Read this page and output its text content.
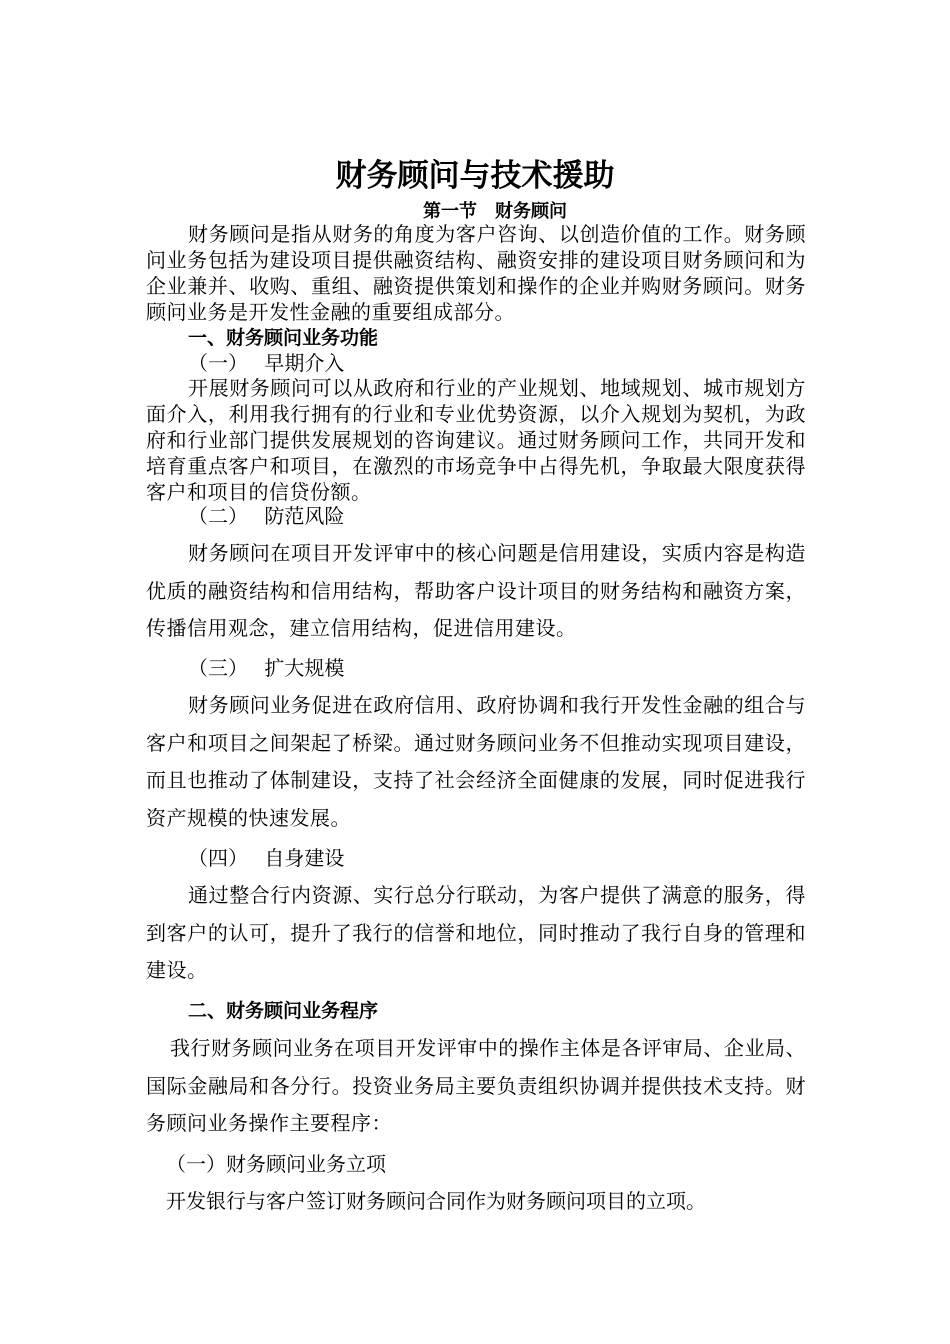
财务顾问与技术援助
第一节　财务顾问

财务顾问是指从财务的角度为客户咨询、以创造价值的工作。财务顾问业务包括为建设项目提供融资结构、融资安排的建设项目财务顾问和为企业兼并、收购、重组、融资提供策划和操作的企业并购财务顾问。财务顾问业务是开发性金融的重要组成部分。

一、财务顾问业务功能

（一）　 早期介入

开展财务顾问可以从政府和行业的产业规划、地域规划、城市规划方面介入，利用我行拥有的行业和专业优势资源，以介入规划为契机，为政府和行业部门提供发展规划的咨询建议。通过财务顾问工作，共同开发和培育重点客户和项目，在激烈的市场竞争中占得先机，争取最大限度获得客户和项目的信贷份额。

（二）　 防范风险

财务顾问在项目开发评审中的核心问题是信用建设，实质内容是构造优质的融资结构和信用结构，帮助客户设计项目的财务结构和融资方案，传播信用观念，建立信用结构，促进信用建设。

（三）　 扩大规模

财务顾问业务促进在政府信用、政府协调和我行开发性金融的组合与客户和项目之间架起了桥梁。通过财务顾问业务不但推动实现项目建设，而且也推动了体制建设，支持了社会经济全面健康的发展，同时促进我行资产规模的快速发展。

（四）　 自身建设

通过整合行内资源、实行总分行联动，为客户提供了满意的服务，得到客户的认可，提升了我行的信誉和地位，同时推动了我行自身的管理和建设。

二、财务顾问业务程序

我行财务顾问业务在项目开发评审中的操作主体是各评审局、企业局、国际金融局和各分行。投资业务局主要负责组织协调并提供技术支持。财务顾问业务操作主要程序：

（一）财务顾问业务立项

开发银行与客户签订财务顾问合同作为财务顾问项目的立项。
